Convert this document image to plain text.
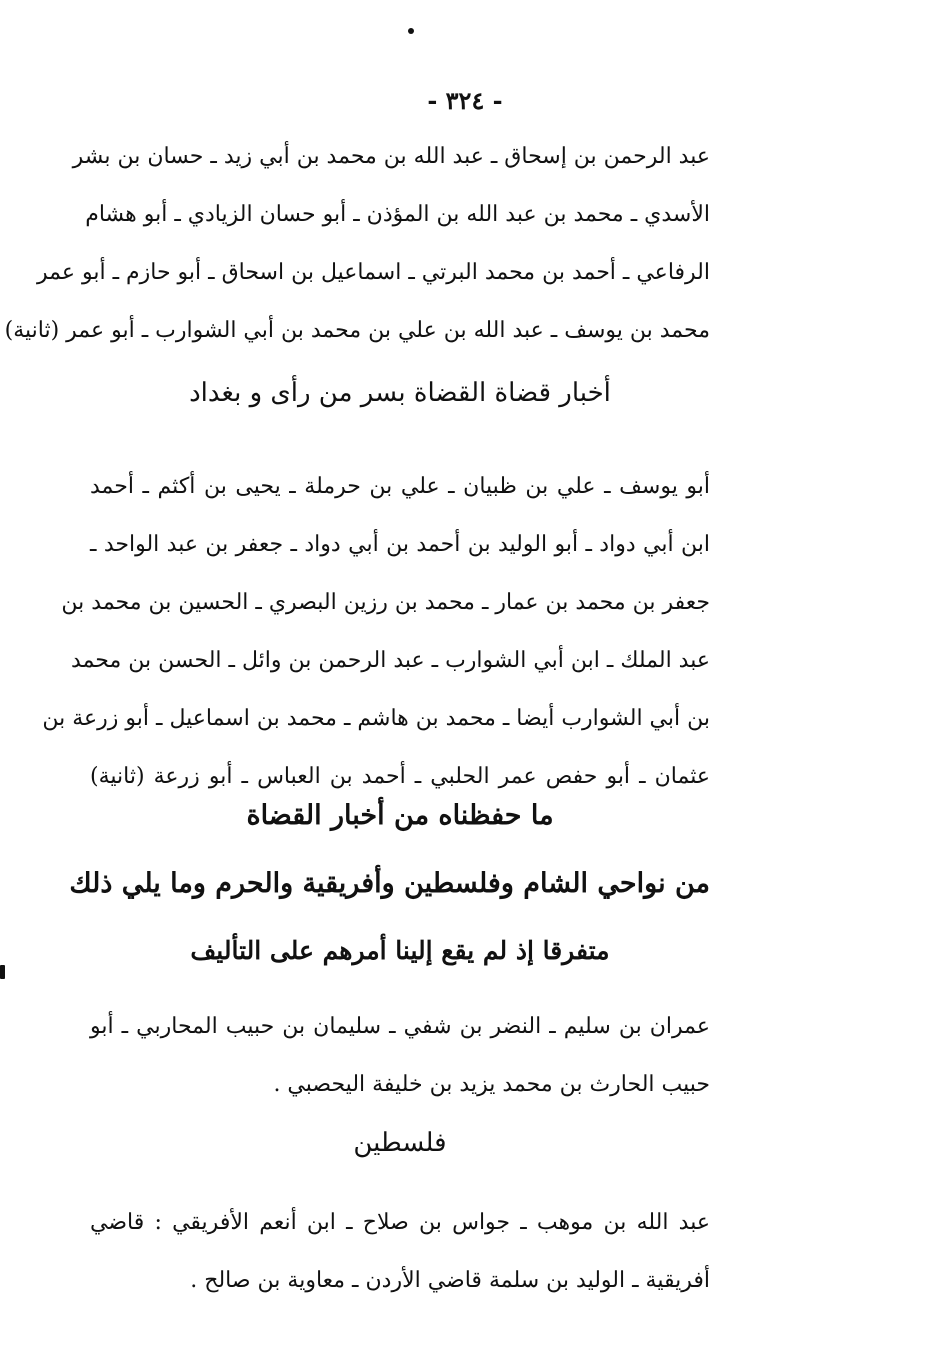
- ٣٢٤ -
عبد الرحمن بن إسحاق ـ عبد الله بن محمد بن أبي زيد ـ حسان بن بشر
الأسدي ـ محمد بن عبد الله بن المؤذن ـ أبو حسان الزيادي ـ أبو هشام
الرفاعي ـ أحمد بن محمد البرتي ـ اسماعيل بن اسحاق ـ أبو حازم ـ أبو عمر
محمد بن يوسف ـ عبد الله بن علي بن محمد بن أبي الشوارب ـ أبو عمر (ثانية)
أخبار قضاة القضاة بسر من رأى و بغداد
أبو يوسف ـ علي بن ظبيان ـ علي بن حرملة ـ يحيى بن أكثم ـ أحمد
ابن أبي دواد ـ أبو الوليد بن أحمد بن أبي دواد ـ جعفر بن عبد الواحد ـ
جعفر بن محمد بن عمار ـ محمد بن رزين البصري ـ الحسين بن محمد بن
عبد الملك ـ ابن أبي الشوارب ـ عبد الرحمن بن وائل ـ الحسن بن محمد
بن أبي الشوارب أيضا ـ محمد بن هاشم ـ محمد بن اسماعيل ـ أبو زرعة بن
عثمان ـ أبو حفص عمر الحلبي ـ أحمد بن العباس ـ أبو زرعة (ثانية)
ما حفظناه من أخبار القضاة
من نواحي الشام وفلسطين وأفريقية والحرم وما يلي ذلك
متفرقا إذ لم يقع إلينا أمرهم على التأليف
عمران بن سليم ـ النضر بن شفي ـ سليمان بن حبيب المحاربي ـ أبو
حبيب الحارث بن محمد يزيد بن خليفة اليحصبي .
فلسطين
عبد الله بن موهب ـ جواس بن صلاح ـ ابن أنعم الأفريقي : قاضي
أفريقية ـ الوليد بن سلمة قاضي الأردن ـ معاوية بن صالح .
